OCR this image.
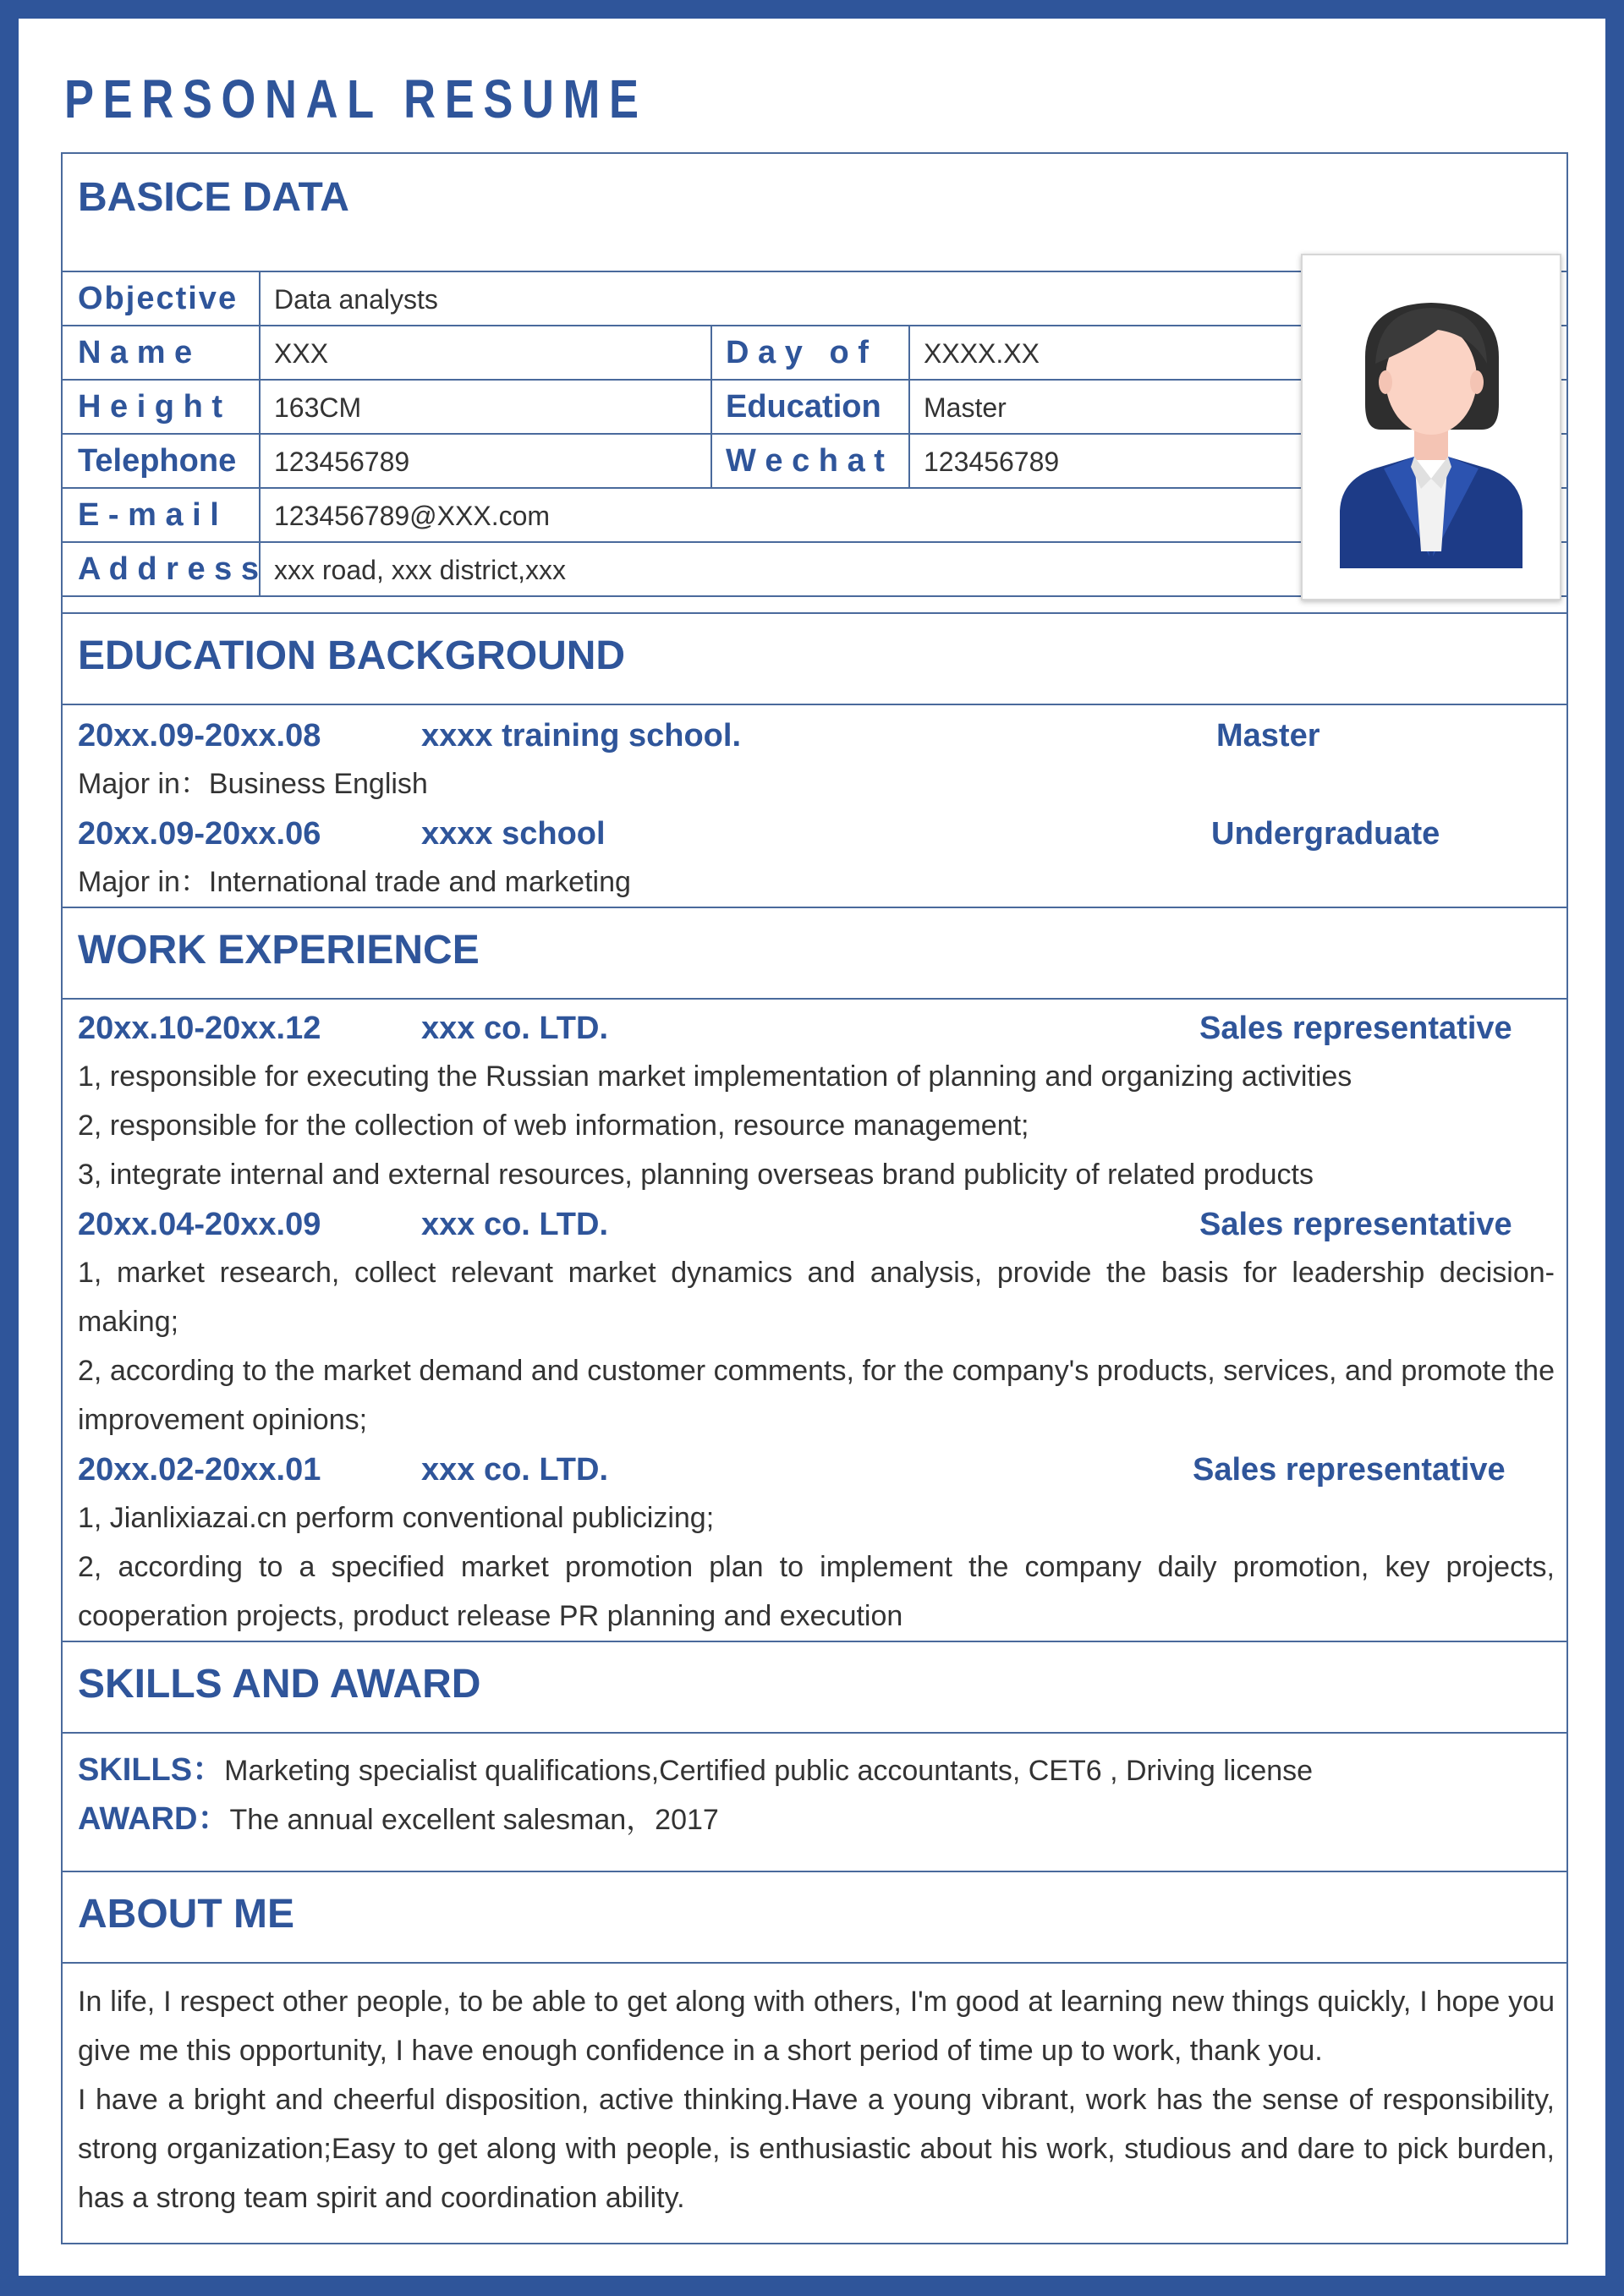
PERSONAL RESUME
BASICE DATA
Objective Data analysts
N a m e	XXX	D a y   o f XXXX.XX
H e i g h t 163CM	Education Master
Telephone 123456789	W e c h a t 123456789
E - m a i l 123456789@XXX.com
A d d r e s s xxx road, xxx district,xxx
EDUCATION BACKGROUND
20xx.09-20xx.08	xxxx training school.	Master
Major in：Business English
20xx.09-20xx.06	xxxx school	Undergraduate
Major in：International trade and marketing
WORK EXPERIENCE
20xx.10-20xx.12	xxx co. LTD.	Sales representative
1, responsible for executing the Russian market implementation of planning and organizing activities
2, responsible for the collection of web information, resource management;
3, integrate internal and external resources, planning overseas brand publicity of related products
20xx.04-20xx.09	xxx co. LTD.	Sales representative

1, market research, collect relevant market dynamics and analysis, provide the basis for leadership decision-making;

2, according to the market demand and customer comments, for the company's products, services, and promote the improvement opinions;

20xx.02-20xx.01	xxx co. LTD.	Sales representative
1, Jianlixiazai.cn perform conventional publicizing;

2, according to a specified market promotion plan to implement the company daily promotion, key projects, cooperation projects, product release PR planning and execution

SKILLS AND AWARD
SKILLS：Marketing specialist qualifications,Certified public accountants, CET6 , Driving license
AWARD：The annual excellent salesman，2017
ABOUT ME

In life, I respect other people, to be able to get along with others, I'm good at learning new things quickly, I hope you give me this opportunity, I have enough confidence in a short period of time up to work, thank you.

I have a bright and cheerful disposition, active thinking.Have a young vibrant, work has the sense of responsibility, strong organization;Easy to get along with people, is enthusiastic about his work, studious and dare to pick burden, has a strong team spirit and coordination ability.
